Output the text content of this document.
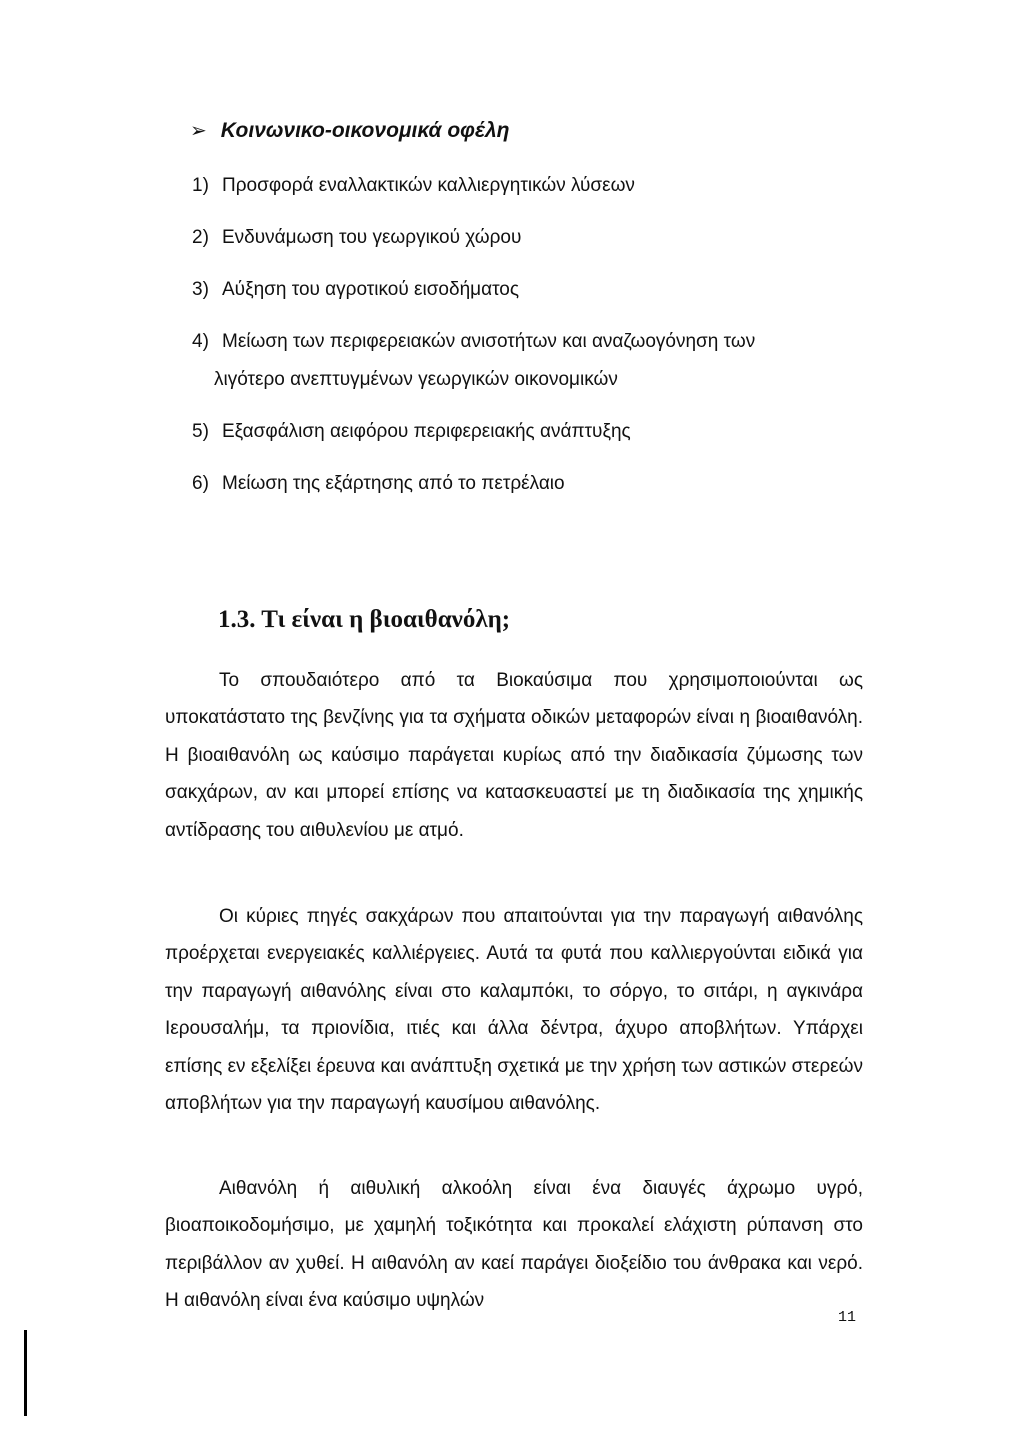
➢ Κοινωνικο-οικονομικά οφέλη
1) Προσφορά εναλλακτικών καλλιεργητικών λύσεων
2) Ενδυνάμωση του γεωργικού χώρου
3) Αύξηση του αγροτικού εισοδήματος
4) Μείωση των περιφερειακών ανισοτήτων και αναζωογόνηση των
λιγότερο ανεπτυγμένων γεωργικών οικονομικών
5) Εξασφάλιση αειφόρου περιφερειακής ανάπτυξης
6) Μείωση της εξάρτησης από το πετρέλαιο
1.3. Τι είναι η βιοαιθανόλη;

Το σπουδαιότερο από τα Βιοκαύσιμα που χρησιμοποιούνται ως υποκατάστατο της βενζίνης για τα σχήματα οδικών μεταφορών είναι η βιοαιθανόλη. Η βιοαιθανόλη ως καύσιμο παράγεται κυρίως από την διαδικασία ζύμωσης των σακχάρων, αν και μπορεί επίσης να κατασκευαστεί με τη διαδικασία της χημικής αντίδρασης του αιθυλενίου με ατμό.

Οι κύριες πηγές σακχάρων που απαιτούνται για την παραγωγή αιθανόλης προέρχεται ενεργειακές καλλιέργειες. Αυτά τα φυτά που καλλιεργούνται ειδικά για την παραγωγή αιθανόλης είναι στο καλαμπόκι, το σόργο, το σιτάρι, η αγκινάρα Ιερουσαλήμ, τα πριονίδια, ιτιές και άλλα δέντρα, άχυρο αποβλήτων. Υπάρχει επίσης εν εξελίξει έρευνα και ανάπτυξη σχετικά με την χρήση των αστικών στερεών αποβλήτων για την παραγωγή καυσίμου αιθανόλης.

Αιθανόλη ή αιθυλική αλκοόλη είναι ένα διαυγές άχρωμο υγρό, βιοαποικοδομήσιμο, με χαμηλή τοξικότητα και προκαλεί ελάχιστη ρύπανση στο περιβάλλον αν χυθεί. Η αιθανόλη αν καεί παράγει διοξείδιο του άνθρακα και νερό. Η αιθανόλη είναι ένα καύσιμο υψηλών

11
